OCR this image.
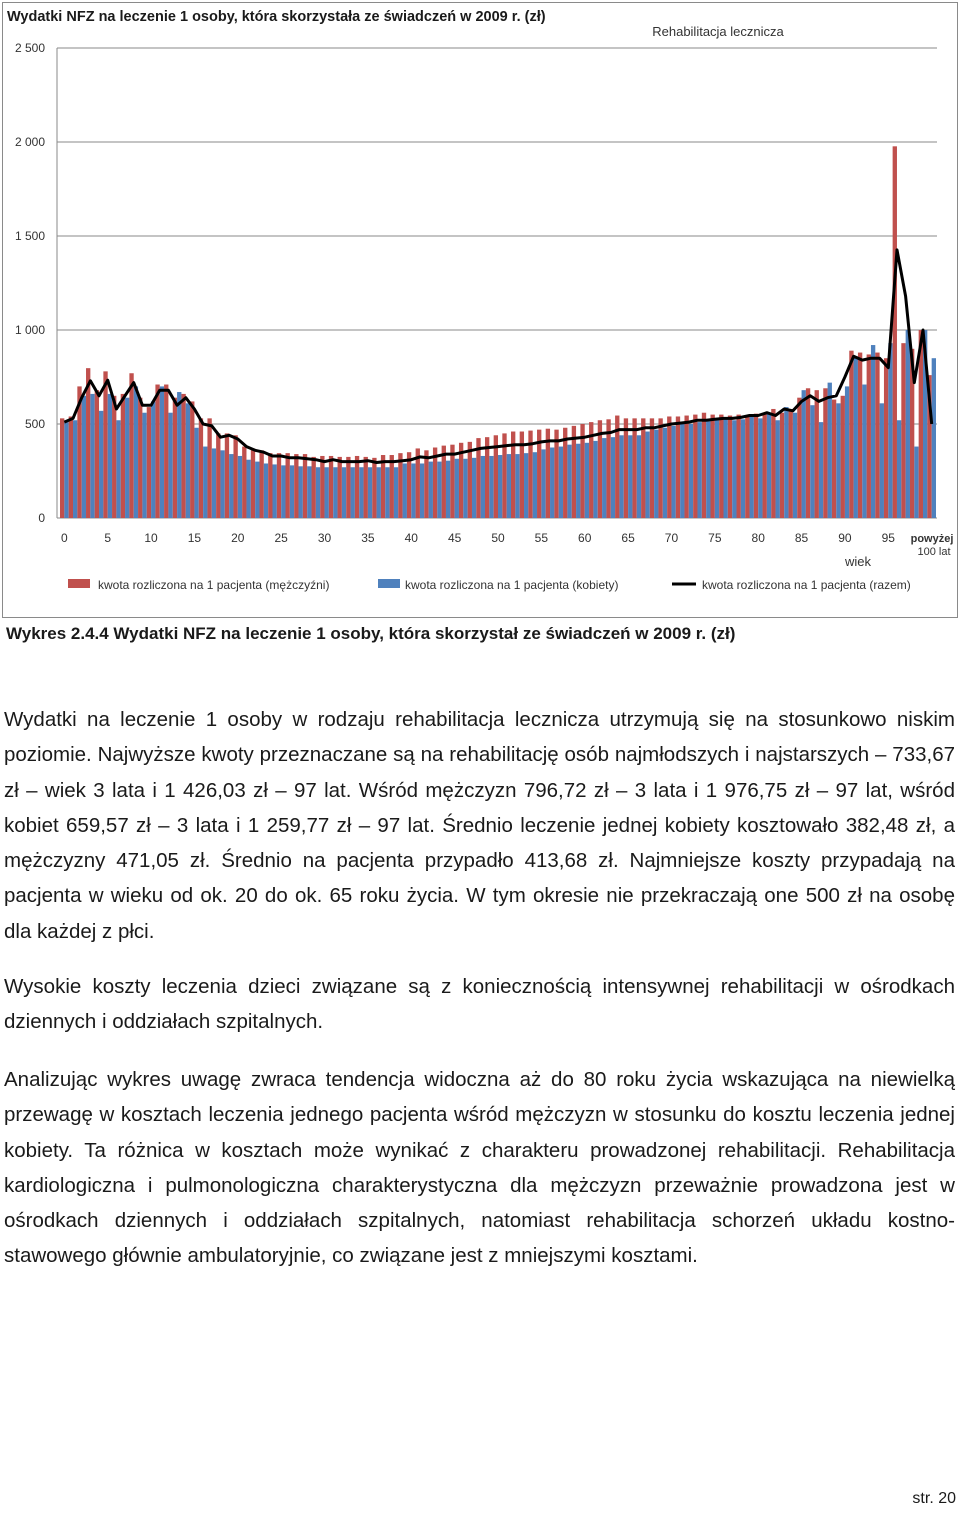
Wydatki NFZ na leczenie 1 osoby, która skorzystała ze świadczeń w 2009 r. (zł)
Rehabilitacja lecznicza
0
500
1 000
1 500
2 000
2 500
0	5	10	15	20	25	30	35	40	45	50	55	60	65	70	75	80	85	90	95 powyżej 100 lat
wiek
kwota rozliczona na 1 pacjenta (mężczyźni)	kwota rozliczona na 1 pacjenta (kobiety)	kwota rozliczona na 1 pacjenta (razem)
Wykres 2.4.4 Wydatki NFZ na leczenie 1 osoby, która skorzystał ze świadczeń w 2009 r. (zł)

Wydatki na leczenie 1 osoby w rodzaju rehabilitacja lecznicza utrzymują się na stosunkowo niskim poziomie. Najwyższe kwoty przeznaczane są na rehabilitację osób najmłodszych i najstarszych – 733,67 zł – wiek 3 lata i 1 426,03 zł – 97 lat. Wśród mężczyzn 796,72 zł – 3 lata i 1 976,75 zł – 97 lat, wśród kobiet 659,57 zł – 3 lata i 1 259,77 zł – 97 lat. Średnio leczenie jednej kobiety kosztowało 382,48 zł, a mężczyzny 471,05 zł. Średnio na pacjenta przypadło 413,68 zł. Najmniejsze koszty przypadają na pacjenta w wieku od ok. 20 do ok. 65 roku życia. W tym okresie nie przekraczają one 500 zł na osobę dla każdej z płci.

Wysokie koszty leczenia dzieci związane są z koniecznością intensywnej rehabilitacji w ośrodkach dziennych i oddziałach szpitalnych.

Analizując wykres uwagę zwraca tendencja widoczna aż do 80 roku życia wskazująca na niewielką przewagę w kosztach leczenia jednego pacjenta wśród mężczyzn w stosunku do kosztu leczenia jednej kobiety. Ta różnica w kosztach może wynikać z charakteru prowadzonej rehabilitacji. Rehabilitacja kardiologiczna i pulmonologiczna charakterystyczna dla mężczyzn przeważnie prowadzona jest w ośrodkach dziennych i oddziałach szpitalnych, natomiast rehabilitacja schorzeń układu kostno-stawowego głównie ambulatoryjnie, co związane jest z mniejszymi kosztami.

str. 20
